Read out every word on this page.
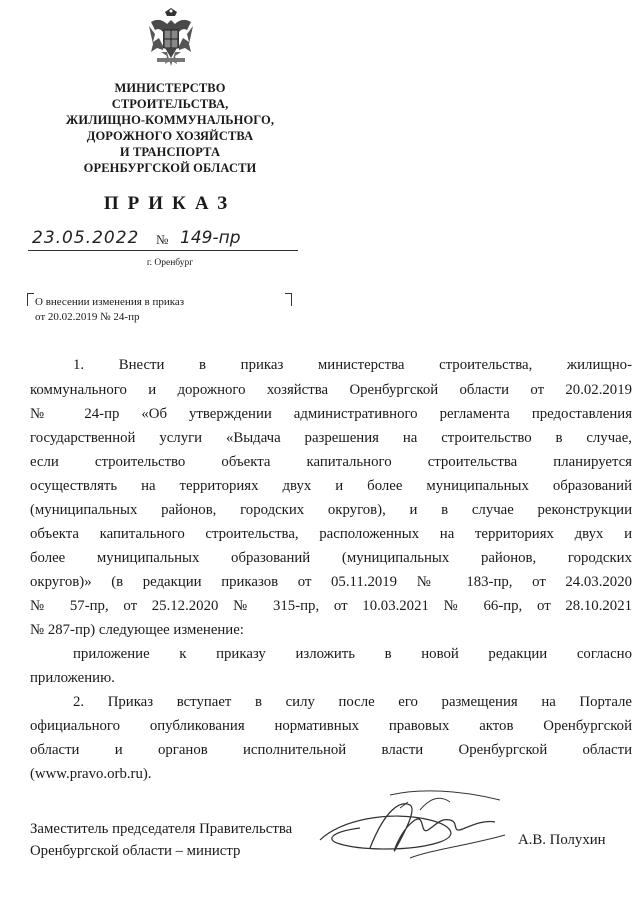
МИНИСТЕРСТВО
СТРОИТЕЛЬСТВА,
ЖИЛИЩНО-КОММУНАЛЬНОГО,
ДОРОЖНОГО ХОЗЯЙСТВА
И ТРАНСПОРТА
ОРЕНБУРГСКОЙ ОБЛАСТИ
ПРИКАЗ
23.05.2022 № 149-пр
г. Оренбург
О внесении изменения в приказ
от 20.02.2019 № 24-пр
1. Внести в приказ министерства строительства, жилищно-
коммунального и дорожного хозяйства Оренбургской области от 20.02.2019
№ 24-пр «Об утверждении административного регламента предоставления
государственной услуги «Выдача разрешения на строительство в случае,
если строительство объекта капитального строительства планируется
осуществлять на территориях двух и более муниципальных образований
(муниципальных районов, городских округов), и в случае реконструкции
объекта капитального строительства, расположенных на территориях двух и
более муниципальных образований (муниципальных районов, городских
округов)» (в редакции приказов от 05.11.2019 № 183-пр, от 24.03.2020
№ 57-пр, от 25.12.2020 № 315-пр, от 10.03.2021 № 66-пр, от 28.10.2021
№ 287-пр) следующее изменение:
приложение к приказу изложить в новой редакции согласно
приложению.
2. Приказ вступает в силу после его размещения на Портале
официального опубликования нормативных правовых актов Оренбургской
области и органов исполнительной власти Оренбургской области
(www.pravo.orb.ru).
Заместитель председателя Правительства
Оренбургской области – министр
А.В. Полухин
